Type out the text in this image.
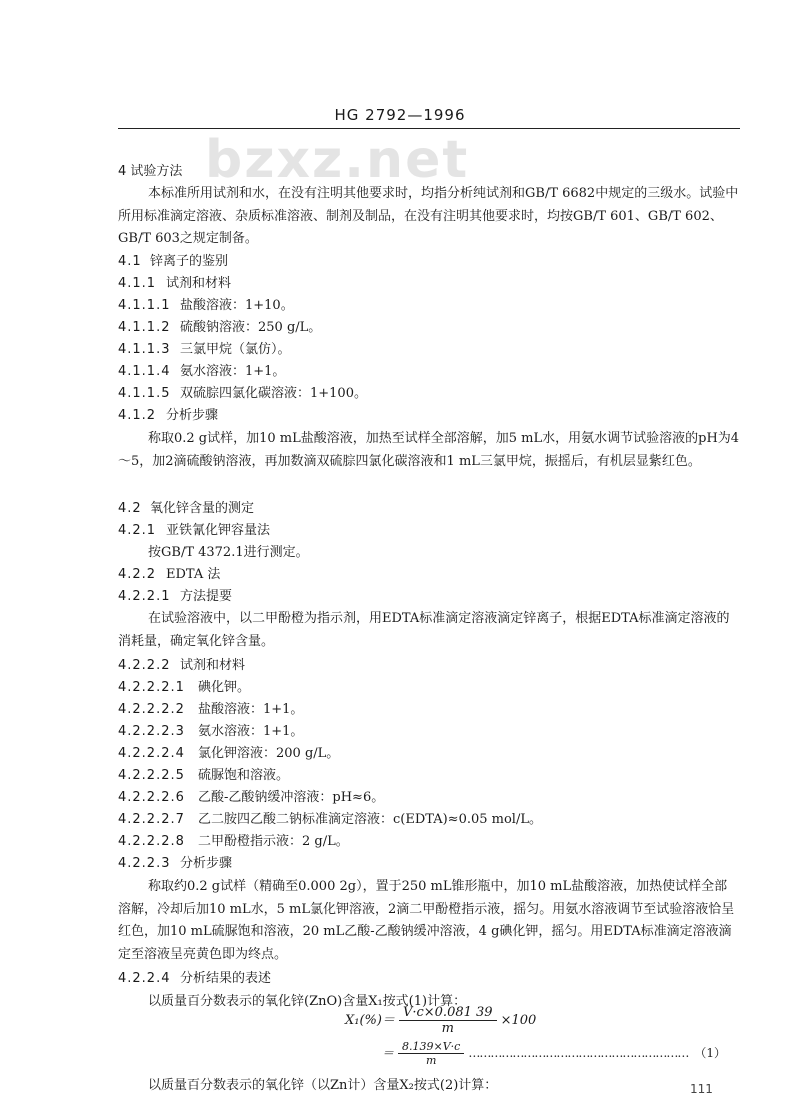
HG 2792—1996
bzxz.net
4 试验方法
本标准所用试剂和水，在没有注明其他要求时，均指分析纯试剂和GB/T 6682中规定的三级水。试验中所用标准滴定溶液、杂质标准溶液、制剂及制品，在没有注明其他要求时，均按GB/T 601、GB/T 602、GB/T 603之规定制备。
4.1 锌离子的鉴别
4.1.1 试剂和材料
4.1.1.1 盐酸溶液：1+10。
4.1.1.2 硫酸钠溶液：250 g/L。
4.1.1.3 三氯甲烷（氯仿）。
4.1.1.4 氨水溶液：1+1。
4.1.1.5 双硫腙四氯化碳溶液：1+100。
4.1.2 分析步骤
称取0.2 g试样，加10 mL盐酸溶液，加热至试样全部溶解，加5 mL水，用氨水调节试验溶液的pH为4～5，加2滴硫酸钠溶液，再加数滴双硫腙四氯化碳溶液和1 mL三氯甲烷，振摇后，有机层显紫红色。
4.2 氧化锌含量的测定
4.2.1 亚铁氰化钾容量法
按GB/T 4372.1进行测定。
4.2.2 EDTA 法
4.2.2.1 方法提要
在试验溶液中，以二甲酚橙为指示剂，用EDTA标准滴定溶液滴定锌离子，根据EDTA标准滴定溶液的消耗量，确定氧化锌含量。
4.2.2.2 试剂和材料
4.2.2.2.1 碘化钾。
4.2.2.2.2 盐酸溶液：1+1。
4.2.2.2.3 氨水溶液：1+1。
4.2.2.2.4 氯化钾溶液：200 g/L。
4.2.2.2.5 硫脲饱和溶液。
4.2.2.2.6 乙酸-乙酸钠缓冲溶液：pH≈6。
4.2.2.2.7 乙二胺四乙酸二钠标准滴定溶液：c(EDTA)≈0.05 mol/L。
4.2.2.2.8 二甲酚橙指示液：2 g/L。
4.2.2.3 分析步骤
称取约0.2 g试样（精确至0.000 2g），置于250 mL锥形瓶中，加10 mL盐酸溶液，加热使试样全部溶解，冷却后加10 mL水，5 mL氯化钾溶液，2滴二甲酚橙指示液，摇匀。用氨水溶液调节至试验溶液恰呈红色，加10 mL硫脲饱和溶液，20 mL乙酸-乙酸钠缓冲溶液，4 g碘化钾，摇匀。用EDTA标准滴定溶液滴定至溶液呈亮黄色即为终点。
4.2.2.4 分析结果的表述
以质量百分数表示的氧化锌(ZnO)含量X₁按式(1)计算：
$X_1(\%)= \frac{V\cdot c\times 0.081 39}{m} \times 100$
以质量百分数表示的氧化锌（以Zn计）含量X₂按式(2)计算：	111
＝ $\frac{8.139\times V\cdot c}{m}$ …………………………………………………… （1）
